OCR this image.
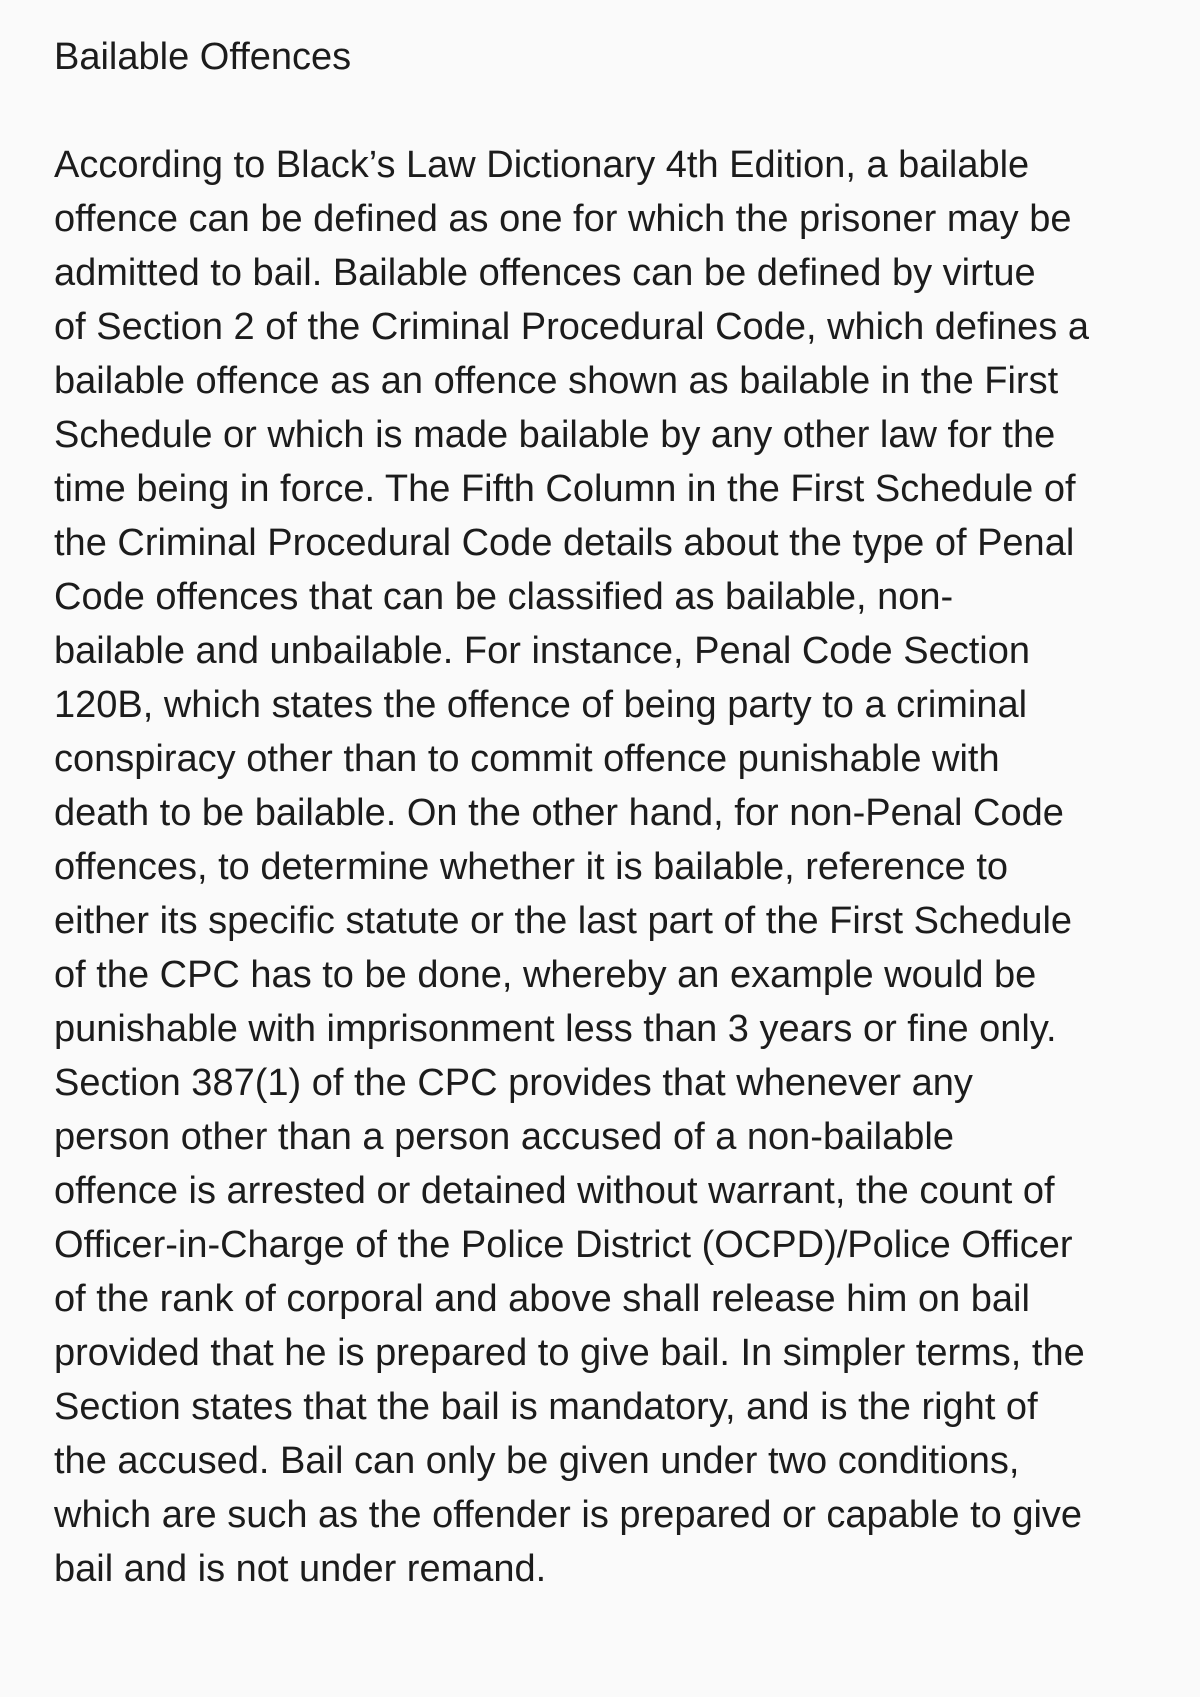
Bailable Offences

According to Black’s Law Dictionary 4th Edition, a bailable
offence can be defined as one for which the prisoner may be
admitted to bail. Bailable offences can be defined by virtue
of Section 2 of the Criminal Procedural Code, which defines a
bailable offence as an offence shown as bailable in the First
Schedule or which is made bailable by any other law for the
time being in force. The Fifth Column in the First Schedule of
the Criminal Procedural Code details about the type of Penal
Code offences that can be classified as bailable, non-
bailable and unbailable. For instance, Penal Code Section
120B, which states the offence of being party to a criminal
conspiracy other than to commit offence punishable with
death to be bailable. On the other hand, for non-Penal Code
offences, to determine whether it is bailable, reference to
either its specific statute or the last part of the First Schedule
of the CPC has to be done, whereby an example would be
punishable with imprisonment less than 3 years or fine only.
Section 387(1) of the CPC provides that whenever any
person other than a person accused of a non-bailable
offence is arrested or detained without warrant, the count of
Officer-in-Charge of the Police District (OCPD)/Police Officer
of the rank of corporal and above shall release him on bail
provided that he is prepared to give bail. In simpler terms, the
Section states that the bail is mandatory, and is the right of
the accused. Bail can only be given under two conditions,
which are such as the offender is prepared or capable to give
bail and is not under remand.
